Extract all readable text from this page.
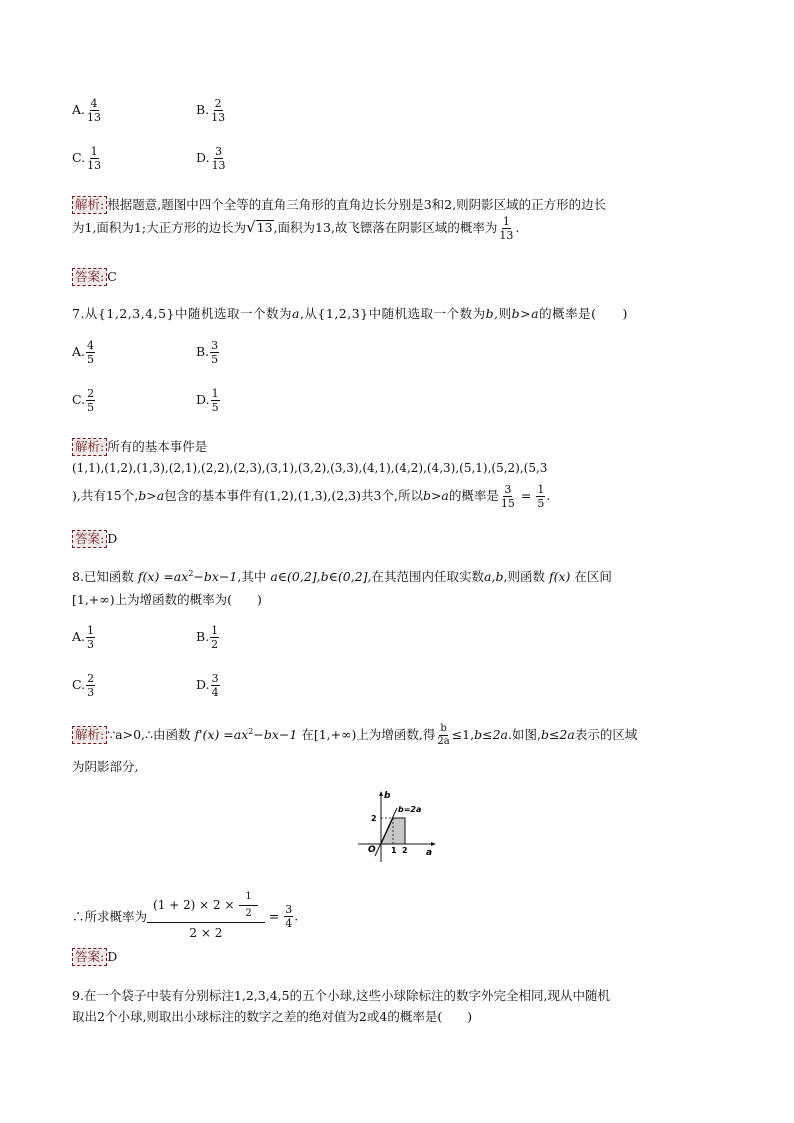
A. $\frac{4}{13}$	B. $\frac{2}{13}$
C. $\frac{1}{13}$	D. $\frac{3}{13}$
解析: 根据题意,题图中四个全等的直角三角形的直角边长分别是3和2,则阴影区域的正方形的边长
为1,面积为1;大正方形的边长为 √ 13 ,面积为13,故飞镖落在阴影区域的概率为 $\frac{1}{13}$ .
答案: C
7.从{1,2,3,4,5}中随机选取一个数为a,从{1,2,3}中随机选取一个数为b,则b>a的概率是(　　)
A. $\frac{4}{5}$	B. $\frac{3}{5}$
C. $\frac{2}{5}$	D. $\frac{1}{5}$
解析: 所有的基本事件是
(1,1),(1,2),(1,3),(2,1),(2,2),(2,3),(3,1),(3,2),(3,3),(4,1),(4,2),(4,3),(5,1),(5,2),(5,3
),共有15个,b>a包含的基本事件有(1,2),(1,3),(2,3)共3个,所以b>a的概率是 $\frac{3}{15} = \frac{1}{5}$ .
答案: D
8.已知函数 $f(x) =ax^2-bx-1$,其中 a∈(0,2],b∈(0,2],在其范围内任取实数a,b,则函数 f(x) 在区间
[1,+∞)上为增函数的概率为(　　)
A. $\frac{1}{3}$	B. $\frac{1}{2}$
C. $\frac{2}{3}$	D. $\frac{3}{4}$
解析: ∵a>0,∴由函数 $f'(x) =ax^2-bx-1$ 在[1,+∞)上为增函数,得 $\frac{b}{2a} \le 1,b\le 2a$.如图,b≤2a表示的区域
为阴影部分,
b
b=2a
2
O 1 2 a
∴所求概率为 $\frac{(1 + 2) \times 2 \times \frac{1}{2}}{2 \times 2} = \frac{3}{4}$ .
答案: D
9.在一个袋子中装有分别标注1,2,3,4,5的五个小球,这些小球除标注的数字外完全相同,现从中随机
取出2个小球,则取出小球标注的数字之差的绝对值为2或4的概率是(　　)
